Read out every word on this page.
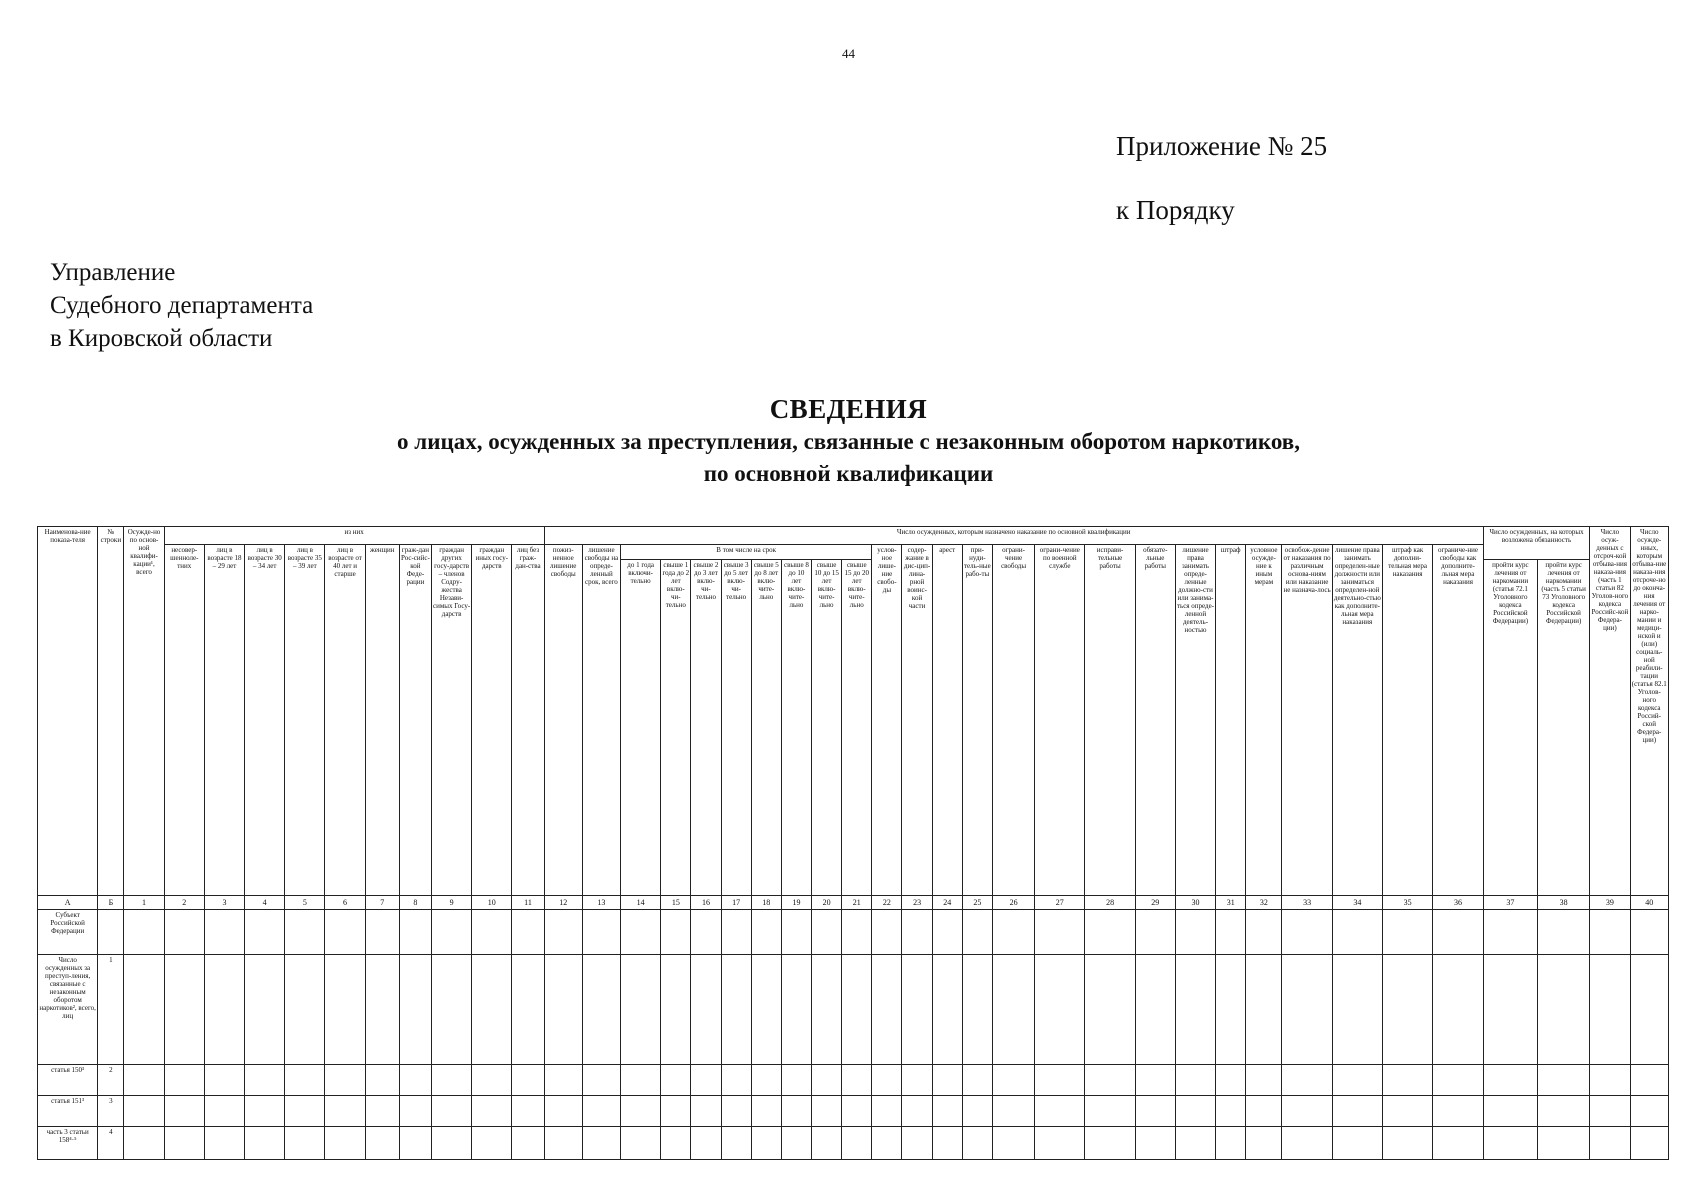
44
Приложение № 25
к Порядку
Управление
Судебного департамента
в Кировской области
СВЕДЕНИЯ
о лицах, осужденных за преступления, связанные с незаконным оборотом наркотиков,
по основной квалификации
Наименова-ние показа-теля	№ строки	Осужде-но по основ-ной квалифи-кации¹, всего	из них										Число осужденных, которым назначено наказание по основной квалификации																									Число осужденных, на которых возложена обязанность		Число осуж-денных с отсроч-кой отбыва-ния наказа-ния (часть 1 статьи 82 Уголов-ного кодекса Российс-кой Федера-ции)	Число осужде-нных, которым отбыва-ние наказа-ния отсроче-но до оконча-ния лечения от нарко-мании и медици-нской и (или) социаль-ной реабили-тации (статья 82.1 Уголов-ного кодекса Россий-ской Федера-ции)
			несовер-шенноле-тних	лиц в возрасте 18 – 29 лет	лиц в возрасте 30 – 34 лет	лиц в возрасте 35 – 39 лет	лиц в возрасте от 40 лет и старше	женщин	граж-дан Рос-сийс-кой Феде-рации	граждан других госу-дарств – членов Содру-жества Незави-симых Госу-дарств	граждан иных госу-дарств	лиц без граж-дан-ства	пожиз-ненное лишение свободы	лишение свободы на опреде-ленный срок, всего	В том числе на срок								услов-ное лише-ние свобо-ды	содер-жание в дис-цип-лина-рной воинс-кой части	арест	при-нуди-тель-ные рабо-ты	ограни-чение свободы	ограни-чение по военной службе	исправи-тельные работы	обязате-льные работы	лишение права занимать опреде-ленные должно-сти или занима-ться опреде-ленной деятель-ностью	штраф	условное осужде-ние к иным мерам	освобож-дение от наказания по различным основа-ниям или наказание не назнача-лось	лишение права занимать определен-ные должности или заниматься определен-ной деятельно-стью как дополните-льная мера наказания	штраф как дополни-тельная мера наказания	ограниче-ние свободы как дополните-льная мера наказания				
															до 1 года включи-тельно	свыше 1 года до 2 лет вклю-чи-тельно	свыше 2 до 3 лет вклю-чи-тельно	свыше 3 до 5 лет вклю-чи-тельно	свыше 5 до 8 лет вклю-чите-льно	свыше 8 до 10 лет вклю-чите-льно	свыше 10 до 15 лет вклю-чите-льно	свыше 15 до 20 лет вклю-чите-льно																пройти курс лечения от наркомании (статья 72.1 Уголовного кодекса Российской Федерации)	пройти курс лечения от наркомании (часть 5 статьи 73 Уголовного кодекса Российской Федерации)		
А	Б	1	2	3	4	5	6	7	8	9	10	11	12	13	14	15	16	17	18	19	20	21	22	23	24	25	26	27	28	29	30	31	32	33	34	35	36	37	38	39	40
Субъект Российской Федерации																																									
Число осужденных за преступ-ления, связанные с незаконным оборотом наркотиков², всего, лиц	1																																								
статья 150³	2																																								
статья 151³	3																																								
часть 3 статьи 158⁴·⁵	4																																								
